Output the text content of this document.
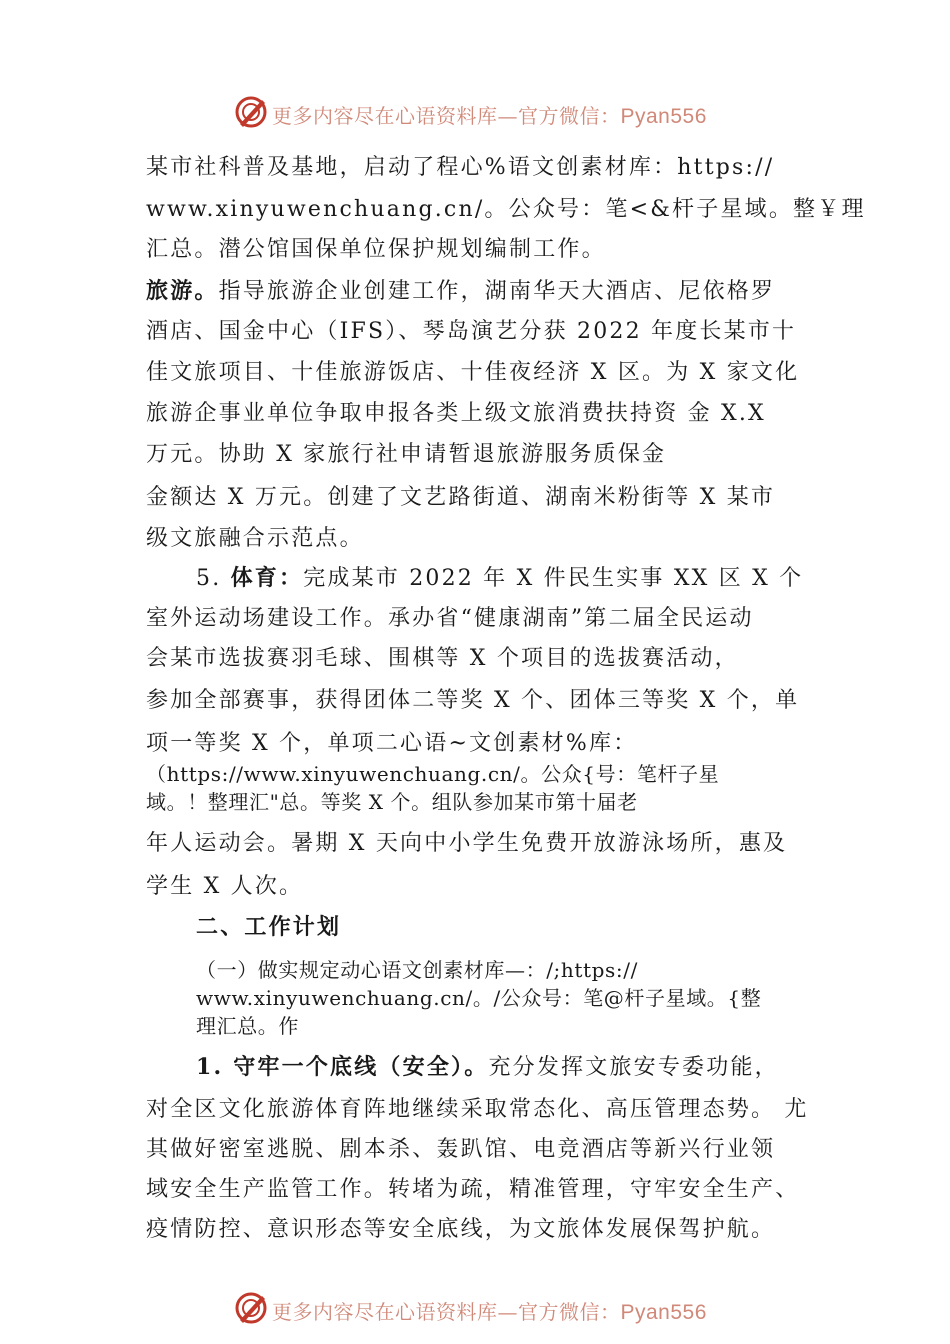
更多内容尽在心语资料库—官方微信：Pyan556
某市社科普及基地，启动了程心%语文创素材库：https://
www.xinyuwenchuang.cn/。公众号：笔<&杆子星域。整￥理
汇总。潜公馆国保单位保护规划编制工作。
旅游。指导旅游企业创建工作，湖南华天大酒店、尼依格罗
酒店、国金中心（IFS）、琴岛演艺分获 2022 年度长某市十
佳文旅项目、十佳旅游饭店、十佳夜经济 X 区。为 X 家文化
旅游企事业单位争取申报各类上级文旅消费扶持资 金 X.X
万元。协助 X 家旅行社申请暂退旅游服务质保金
金额达 X 万元。创建了文艺路街道、湖南米粉街等 X 某市
级文旅融合示范点。
5. 体育：完成某市 2022 年 X 件民生实事 XX 区 X 个
室外运动场建设工作。承办省“健康湖南”第二届全民运动
会某市选拔赛羽毛球、围棋等 X 个项目的选拔赛活动，
参加全部赛事，获得团体二等奖 X 个、团体三等奖 X 个，单
项一等奖 X 个，单项二心语~文创素材%库：
（https://www.xinyuwenchuang.cn/。公众{号：笔杆子星
域。！整理汇"总。等奖 X 个。组队参加某市第十届老
年人运动会。暑期 X 天向中小学生免费开放游泳场所，惠及
学生 X 人次。
二、工作计划
（一）做实规定动心语文创素材库—：/;https://
www.xinyuwenchuang.cn/。/公众号：笔@杆子星域。{整
理汇总。作
1. 守牢一个底线（安全）。充分发挥文旅安专委功能，
对全区文化旅游体育阵地继续采取常态化、高压管理态势。 尤
其做好密室逃脱、剧本杀、轰趴馆、电竞酒店等新兴行业领
域安全生产监管工作。转堵为疏，精准管理，守牢安全生产、
疫情防控、意识形态等安全底线，为文旅体发展保驾护航。
更多内容尽在心语资料库—官方微信：Pyan556
